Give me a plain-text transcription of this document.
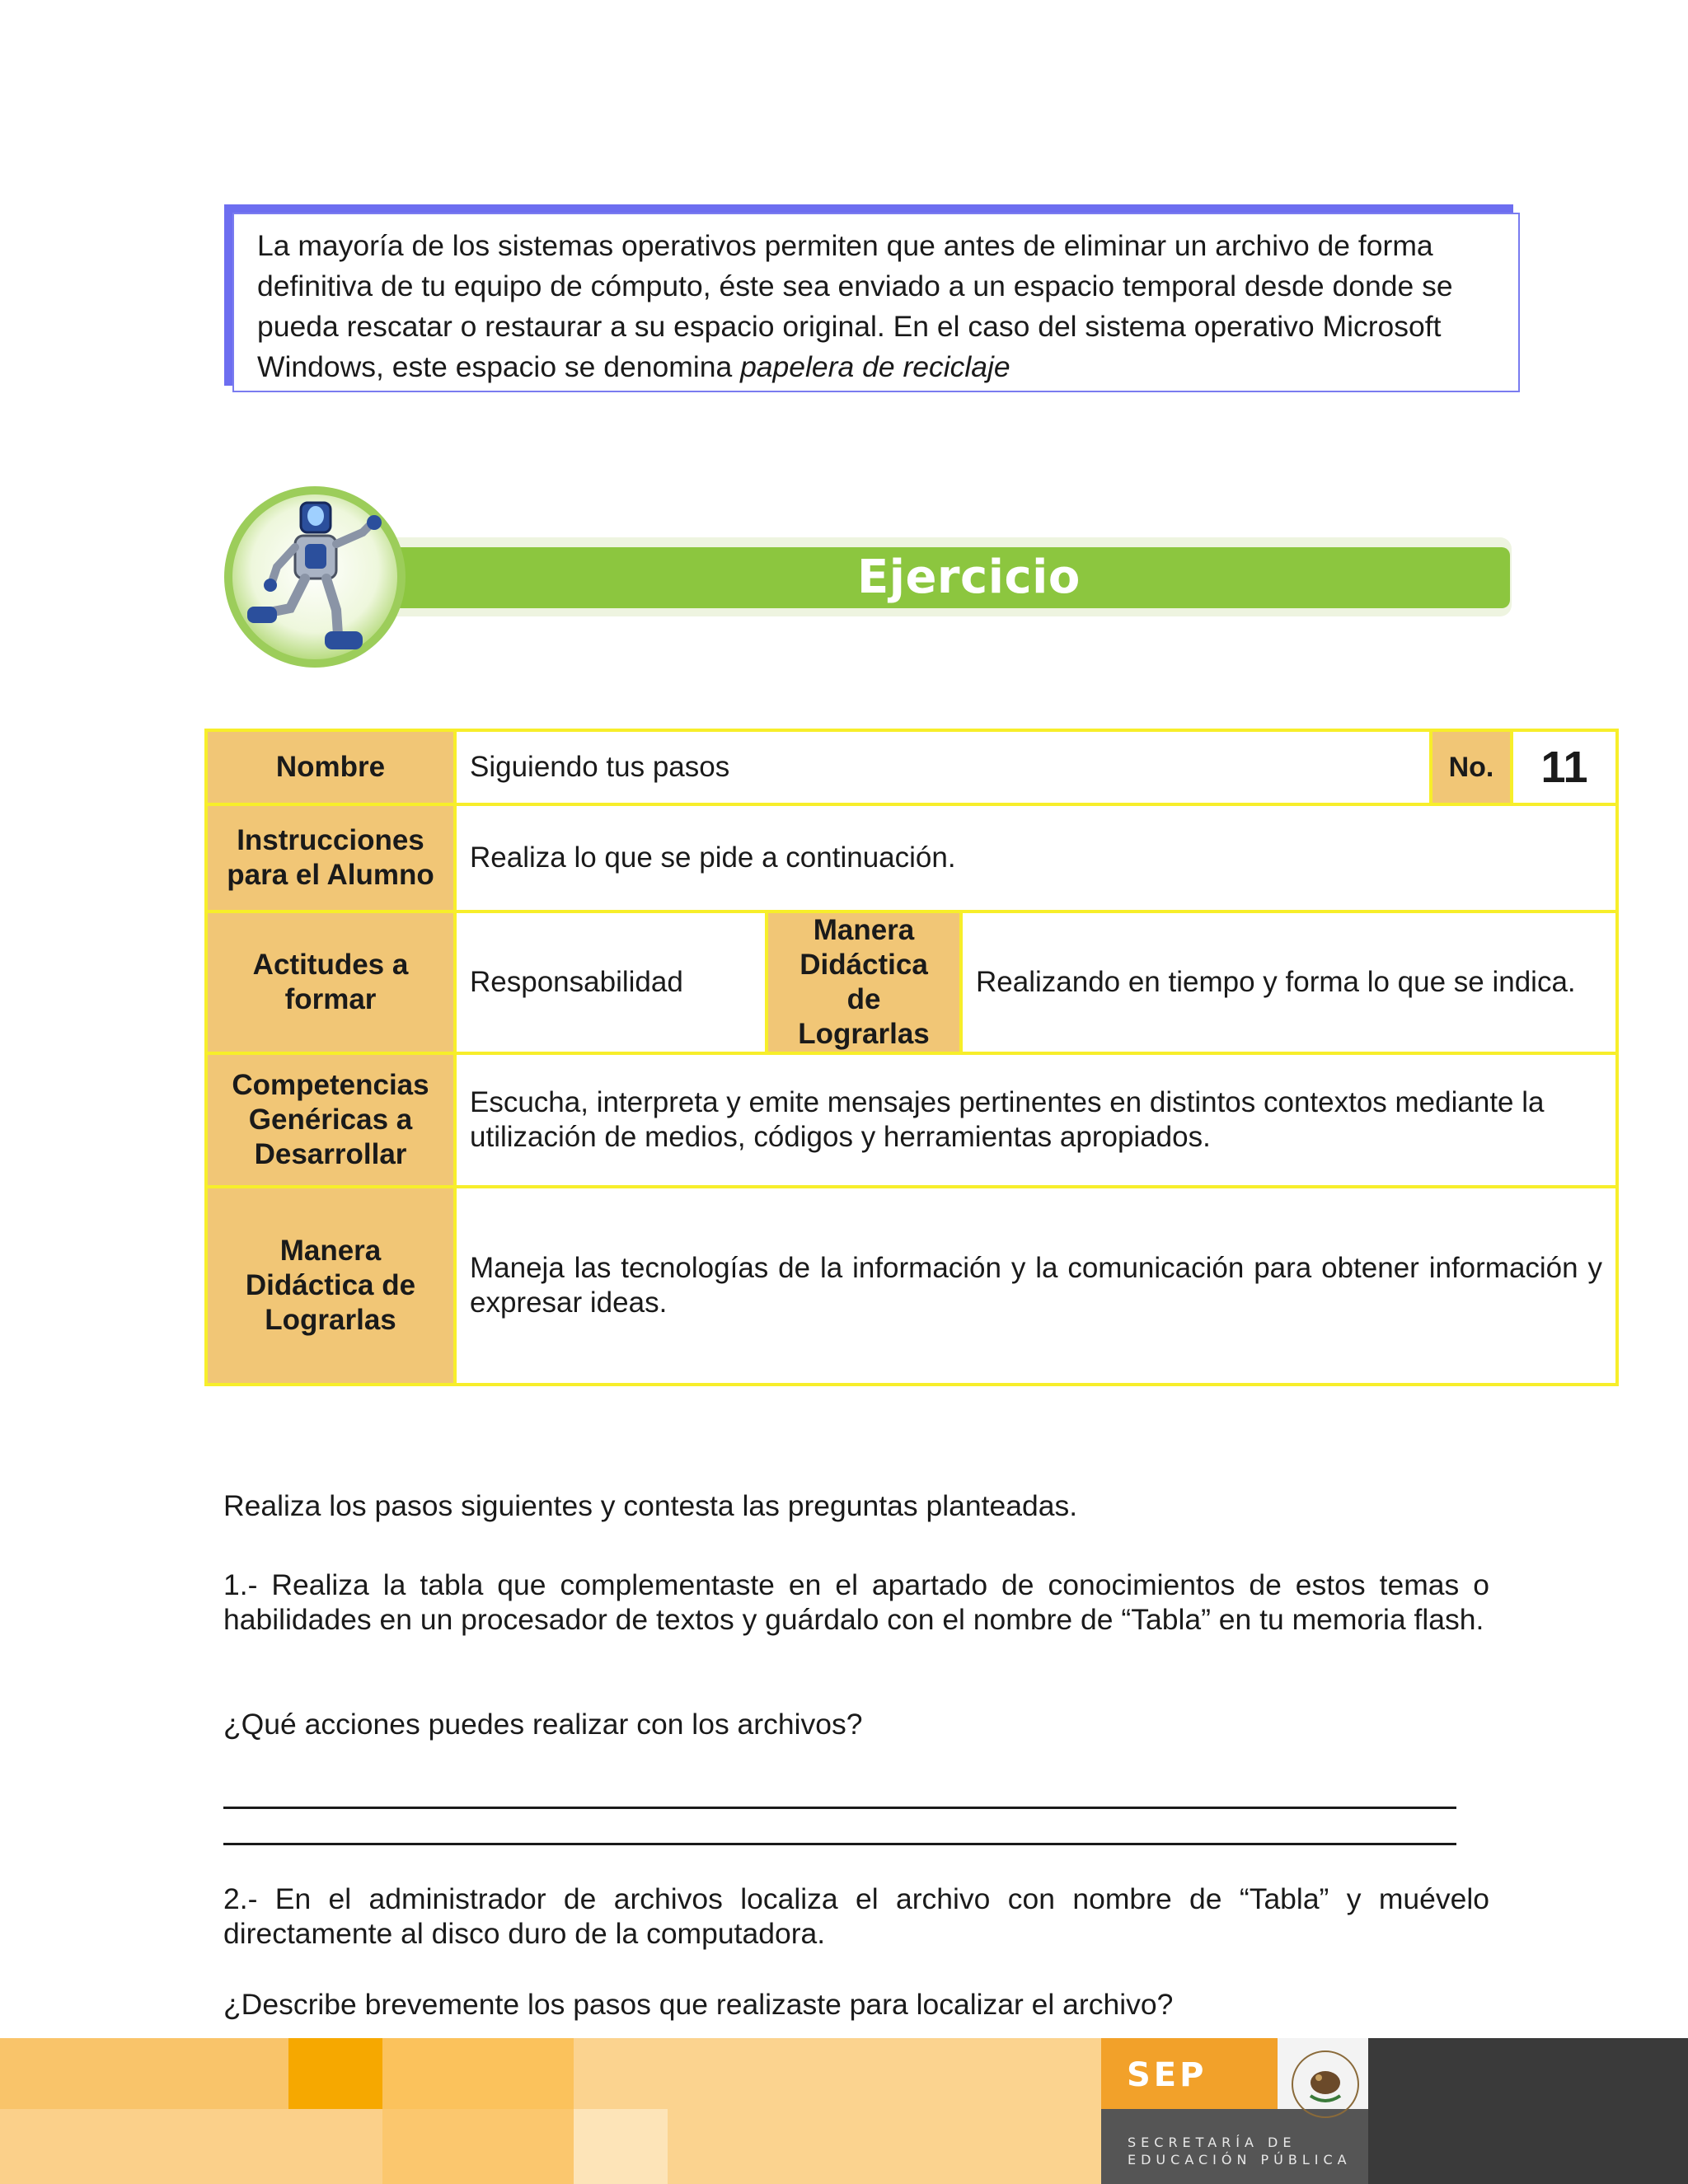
La mayoría de los sistemas operativos permiten que antes de eliminar un archivo de forma definitiva de tu equipo de cómputo, éste sea enviado a un espacio temporal desde donde se pueda rescatar o restaurar a su espacio original. En el caso del sistema operativo Microsoft Windows, este espacio se denomina papelera de reciclaje
Ejercicio
Nombre	Siguiendo tus pasos			No.	11
Instrucciones para el Alumno	Realiza lo que se pide a continuación.				
Actitudes a formar	Responsabilidad	Manera Didáctica de Lograrlas	Realizando en tiempo y forma lo que se indica.		
Competencias Genéricas a Desarrollar	Escucha, interpreta y emite mensajes pertinentes en distintos contextos mediante la utilización de medios, códigos y herramientas apropiados.				
Manera Didáctica de Lograrlas	Maneja las tecnologías de la información y la comunicación para obtener información y expresar ideas.				

Realiza los pasos siguientes y contesta las preguntas planteadas.

1.- Realiza la tabla que complementaste en el apartado de conocimientos de estos temas o habilidades en un procesador de textos y guárdalo con el nombre de “Tabla” en tu memoria flash.

¿Qué acciones puedes realizar con los archivos?

2.- En el administrador de archivos localiza el archivo con nombre de “Tabla” y muévelo directamente al disco duro de la computadora.

¿Describe brevemente los pasos que realizaste para localizar el archivo?

SEP
SECRETARÍA DE
EDUCACIÓN PÚBLICA
